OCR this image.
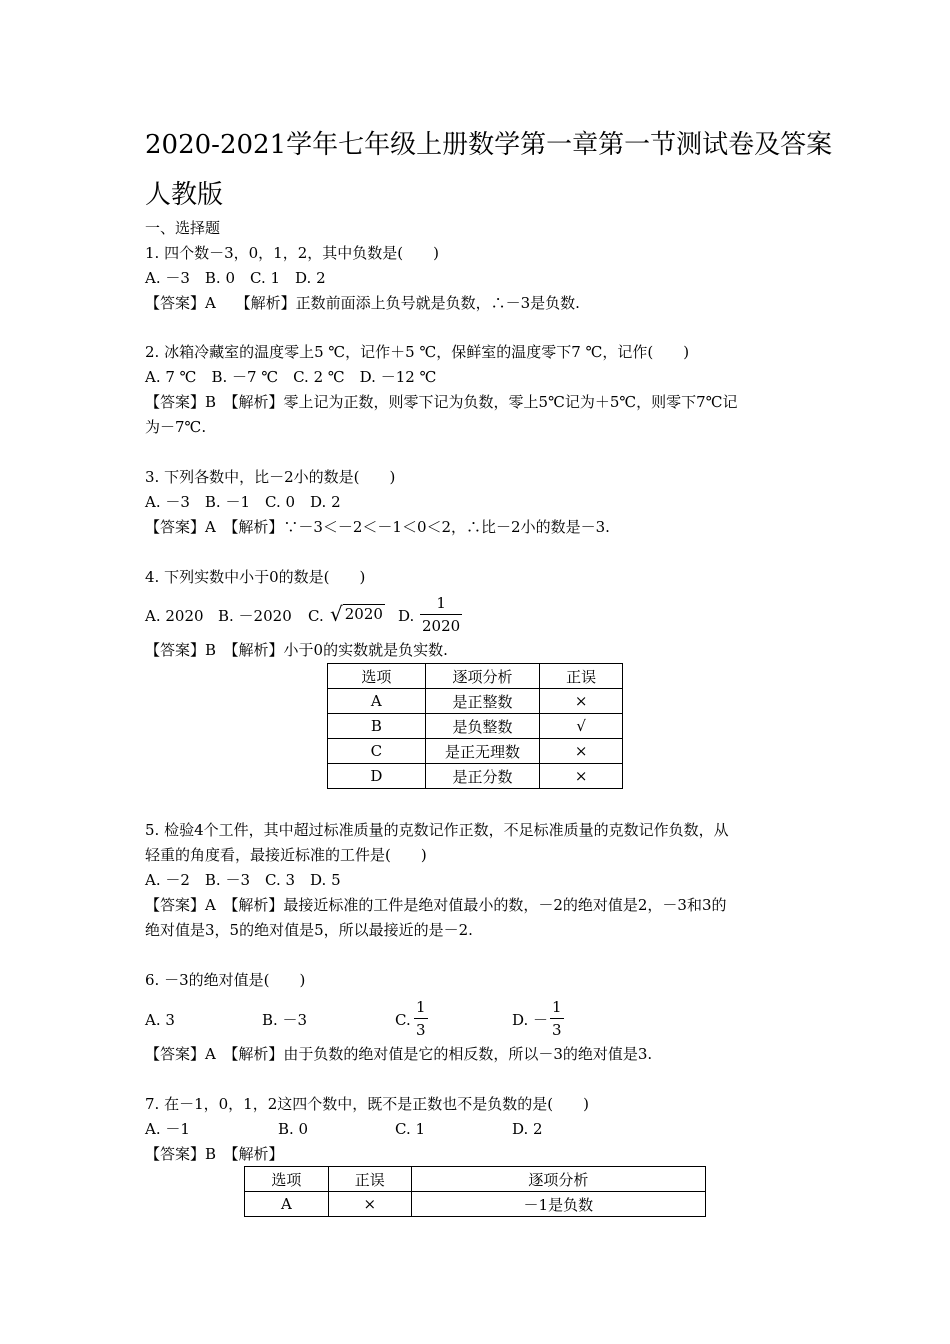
2020-2021学年七年级上册数学第一章第一节测试卷及答案
人教版
一、选择题
1. 四个数－3，0，1，2，其中负数是(　　)
A. －3　B. 0　C. 1　D. 2
【答案】A　 【解析】正数前面添上负号就是负数，∴－3是负数.
2. 冰箱冷藏室的温度零上5 ℃，记作＋5 ℃，保鲜室的温度零下7 ℃，记作(　　)
A. 7 ℃　B. －7 ℃　C. 2 ℃　D. －12 ℃
【答案】B　【解析】零上记为正数，则零下记为负数，零上5℃记为＋5℃，则零下7℃记
为－7℃.
3. 下列各数中，比－2小的数是(　　)
A. －3　B. －1　C. 0　D. 2
【答案】A　【解析】∵－3＜－2＜－1＜0＜2，∴比－2小的数是－3.
4. 下列实数中小于0的数是(　　)
A. 2020 B. －2020 C. √ 2020 D. $\frac{1}{2020}$
【答案】B　【解析】小于0的实数就是负实数.
选项	逐项分析	正误
A	是正整数	×
B	是负整数	√
C	是正无理数	×
D	是正分数	×
5. 检验4个工件，其中超过标准质量的克数记作正数，不足标准质量的克数记作负数，从
轻重的角度看，最接近标准的工件是(　　)
A. －2　B. －3　C. 3　D. 5
【答案】A　【解析】最接近标准的工件是绝对值最小的数，－2的绝对值是2，－3和3的
绝对值是3，5的绝对值是5，所以最接近的是－2.
6. －3的绝对值是(　　)
A. 3	B. －3	C. $\frac{1}{3}$	D. － $\frac{1}{3}$
【答案】A　【解析】由于负数的绝对值是它的相反数，所以－3的绝对值是3.
7. 在－1，0，1，2这四个数中，既不是正数也不是负数的是(　　)
A. －1	B. 0	C. 1	D. 2
【答案】B　【解析】
选项	正误	逐项分析
A	×	－1是负数
